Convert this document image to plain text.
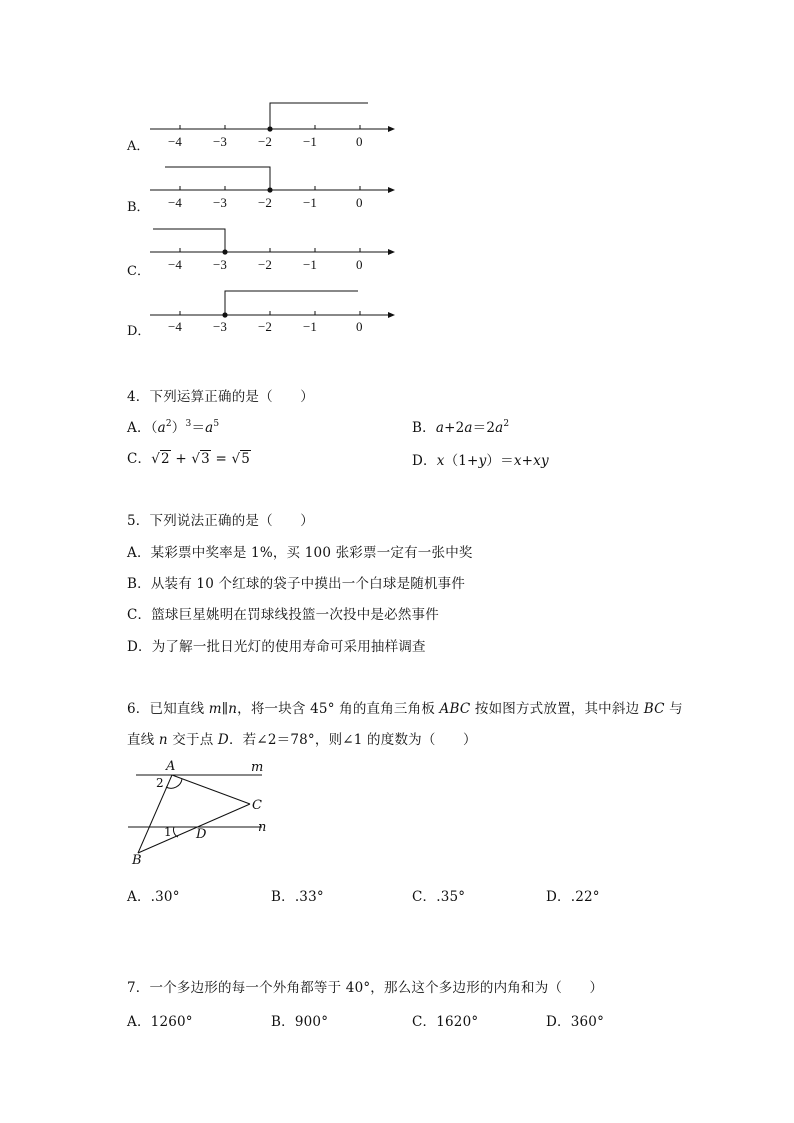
A． −4 −3 −2 −1	0
B． −4 −3 −2 −1	0
C． −4 −3 −2 −1	0
D． −4 −3 −2 −1	0
4．下列运算正确的是（　　）
A．$(a^2)^3=a^5$	B．$a+2a=2a^2$
C．√2 + √3 = √5	D．x（1+y）＝x+xy
5．下列说法正确的是（　　）
A．某彩票中奖率是 1%，买 100 张彩票一定有一张中奖
B．从装有 10 个红球的袋子中摸出一个白球是随机事件
C．篮球巨星姚明在罚球线投篮一次投中是必然事件
D．为了解一批日光灯的使用寿命可采用抽样调查
6．已知直线 m∥n，将一块含 45° 角的直角三角板 ABC 按如图方式放置，其中斜边 BC 与
直线 n 交于点 D．若∠2＝78°，则∠1 的度数为（　　）
A	m
2
C
n
1 D
B
A．.30°	B．.33°	C．.35°	D．.22°
7．一个多边形的每一个外角都等于 40°，那么这个多边形的内角和为（　　）
A．1260°	B．900°	C．1620°	D．360°
